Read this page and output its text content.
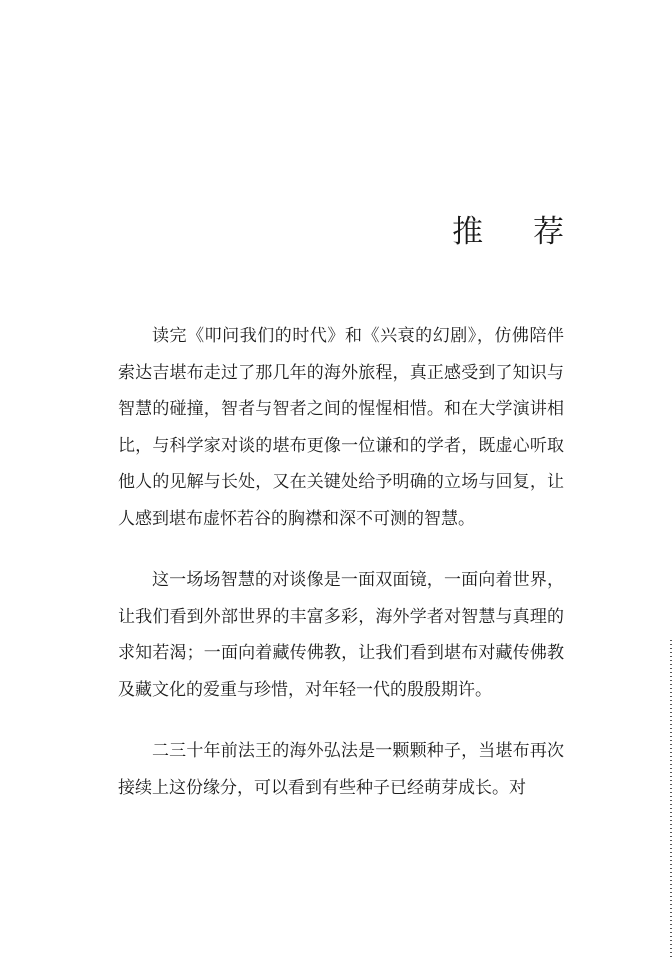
推 荐

读完《叩问我们的时代》和《兴衰的幻剧》，仿佛陪伴索达吉堪布走过了那几年的海外旅程，真正感受到了知识与智慧的碰撞，智者与智者之间的惺惺相惜。和在大学演讲相比，与科学家对谈的堪布更像一位谦和的学者，既虚心听取他人的见解与长处，又在关键处给予明确的立场与回复，让人感到堪布虚怀若谷的胸襟和深不可测的智慧。

这一场场智慧的对谈像是一面双面镜，一面向着世界，让我们看到外部世界的丰富多彩，海外学者对智慧与真理的求知若渴；一面向着藏传佛教，让我们看到堪布对藏传佛教及藏文化的爱重与珍惜，对年轻一代的殷殷期许。

二三十年前法王的海外弘法是一颗颗种子，当堪布再次接续上这份缘分，可以看到有些种子已经萌芽成长。对
